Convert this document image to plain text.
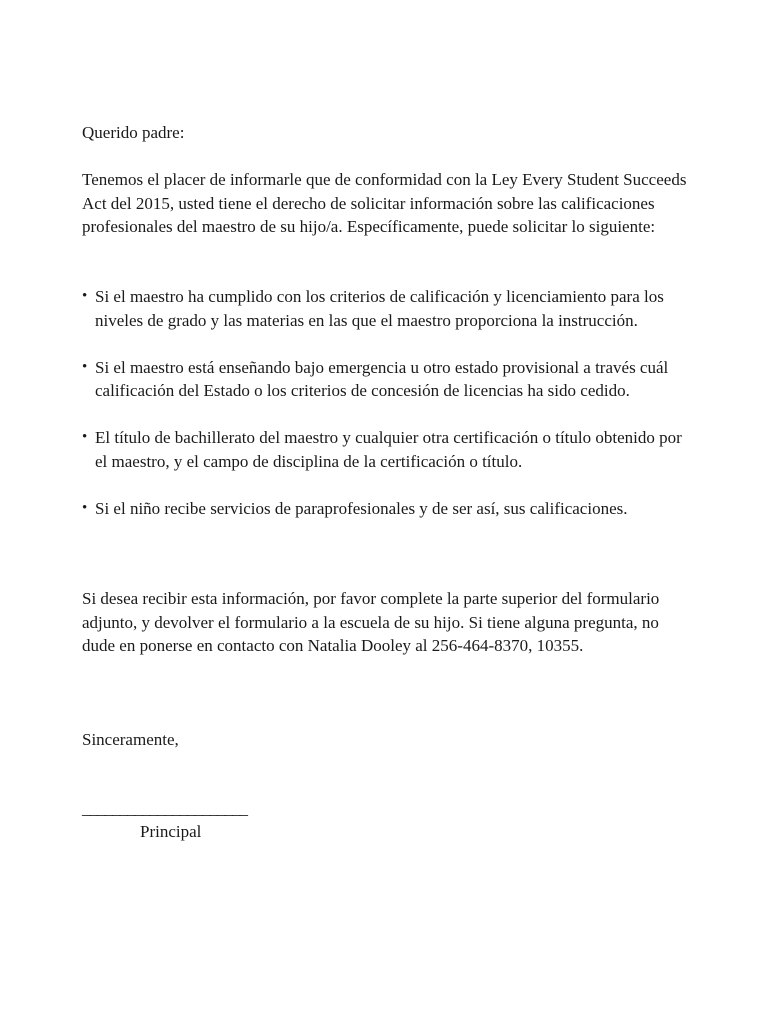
Querido padre:
Tenemos el placer de informarle que de conformidad con la Ley Every Student Succeeds Act del 2015, usted tiene el derecho de solicitar información sobre las calificaciones profesionales del maestro de su hijo/a. Específicamente, puede solicitar lo siguiente:
• Si el maestro ha cumplido con los criterios de calificación y licenciamiento para los niveles de grado y las materias en las que el maestro proporciona la instrucción.
• Si el maestro está enseñando bajo emergencia u otro estado provisional a través cuál calificación del Estado o los criterios de concesión de licencias ha sido cedido.
• El título de bachillerato del maestro y cualquier otra certificación o título obtenido por el maestro, y el campo de disciplina de la certificación o título.
• Si el niño recibe servicios de paraprofesionales y de ser así, sus calificaciones.
Si desea recibir esta información, por favor complete la parte superior del formulario adjunto, y devolver el formulario a la escuela de su hijo. Si tiene alguna pregunta, no dude en ponerse en contacto con Natalia Dooley al 256-464-8370, 10355.
Sinceramente,
______________________
Principal
